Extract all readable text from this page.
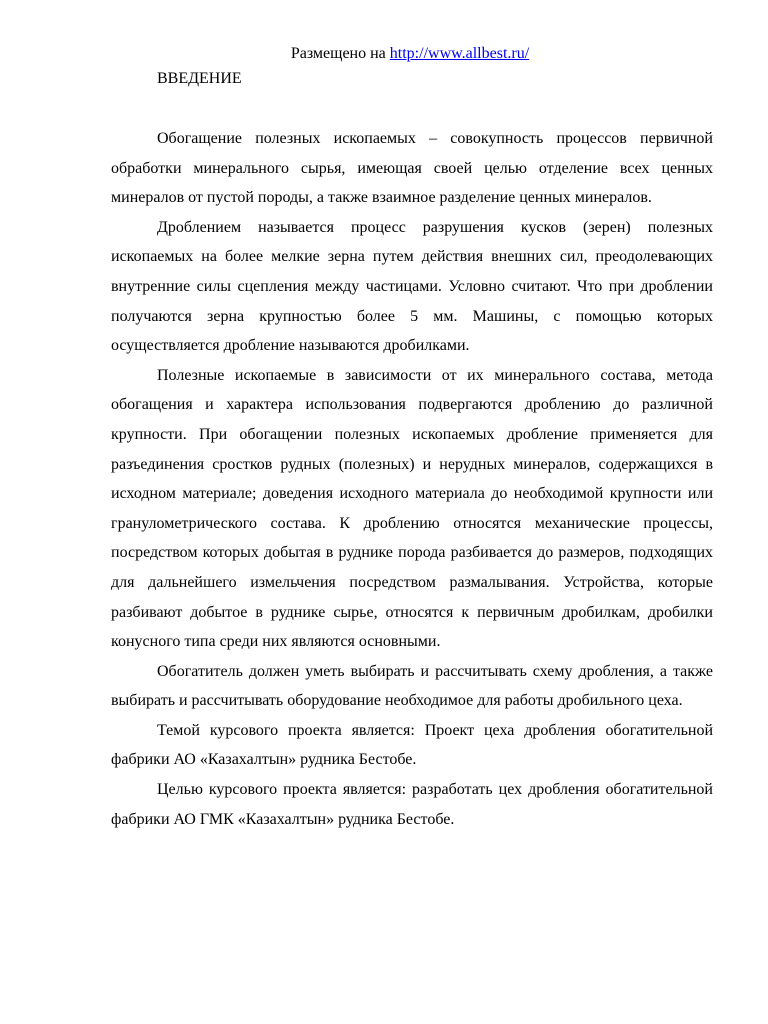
Размещено на http://www.allbest.ru/
ВВЕДЕНИЕ

Обогащение полезных ископаемых – совокупность процессов первичной обработки минерального сырья, имеющая своей целью отделение всех ценных минералов от пустой породы, а также взаимное разделение ценных минералов.

Дроблением называется процесс разрушения кусков (зерен) полезных ископаемых на более мелкие зерна путем действия внешних сил, преодолевающих внутренние силы сцепления между частицами. Условно считают. Что при дроблении получаются зерна крупностью более 5 мм. Машины, с помощью которых осуществляется дробление называются дробилками.

Полезные ископаемые в зависимости от их минерального состава, метода обогащения и характера использования подвергаются дроблению до различной крупности. При обогащении полезных ископаемых дробление применяется для разъединения сростков рудных (полезных) и нерудных минералов, содержащихся в исходном материале; доведения исходного материала до необходимой крупности или гранулометрического состава. К дроблению относятся механические процессы, посредством которых добытая в руднике порода разбивается до размеров, подходящих для дальнейшего измельчения посредством размалывания. Устройства, которые разбивают добытое в руднике сырье, относятся к первичным дробилкам, дробилки конусного типа среди них являются основными.

Обогатитель должен уметь выбирать и рассчитывать схему дробления, а также выбирать и рассчитывать оборудование необходимое для работы дробильного цеха.

Темой курсового проекта является: Проект цеха дробления обогатительной фабрики АО «Казахалтын» рудника Бестобе.

Целью курсового проекта является: разработать цех дробления обогатительной фабрики АО ГМК «Казахалтын» рудника Бестобе.
